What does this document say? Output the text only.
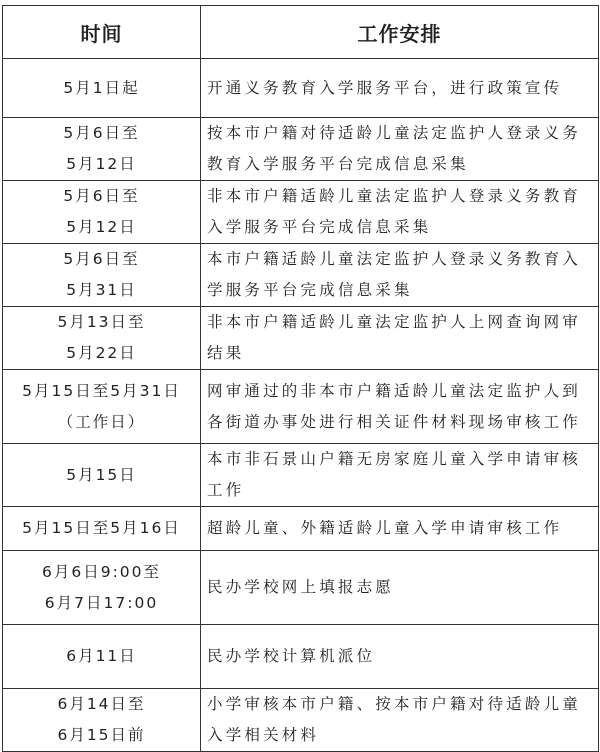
时间	工作安排

5月1日起	开通义务教育入学服务平台，进行政策宣传

5月6日至
5月12日	按本市户籍对待适龄儿童法定监护人登录义务
教育入学服务平台完成信息采集

5月6日至
5月12日	非本市户籍适龄儿童法定监护人登录义务教育
入学服务平台完成信息采集

5月6日至
5月31日	本市户籍适龄儿童法定监护人登录义务教育入
学服务平台完成信息采集

5月13日至
5月22日	非本市户籍适龄儿童法定监护人上网查询网审
结果

5月15日至5月31日
（工作日）	网审通过的非本市户籍适龄儿童法定监护人到
各街道办事处进行相关证件材料现场审核工作

5月15日	本市非石景山户籍无房家庭儿童入学申请审核
工作

5月15日至5月16日	超龄儿童、外籍适龄儿童入学申请审核工作

6月6日9:00至
6月7日17:00	民办学校网上填报志愿

6月11日	民办学校计算机派位

6月14日至
6月15日前	小学审核本市户籍、按本市户籍对待适龄儿童
入学相关材料
